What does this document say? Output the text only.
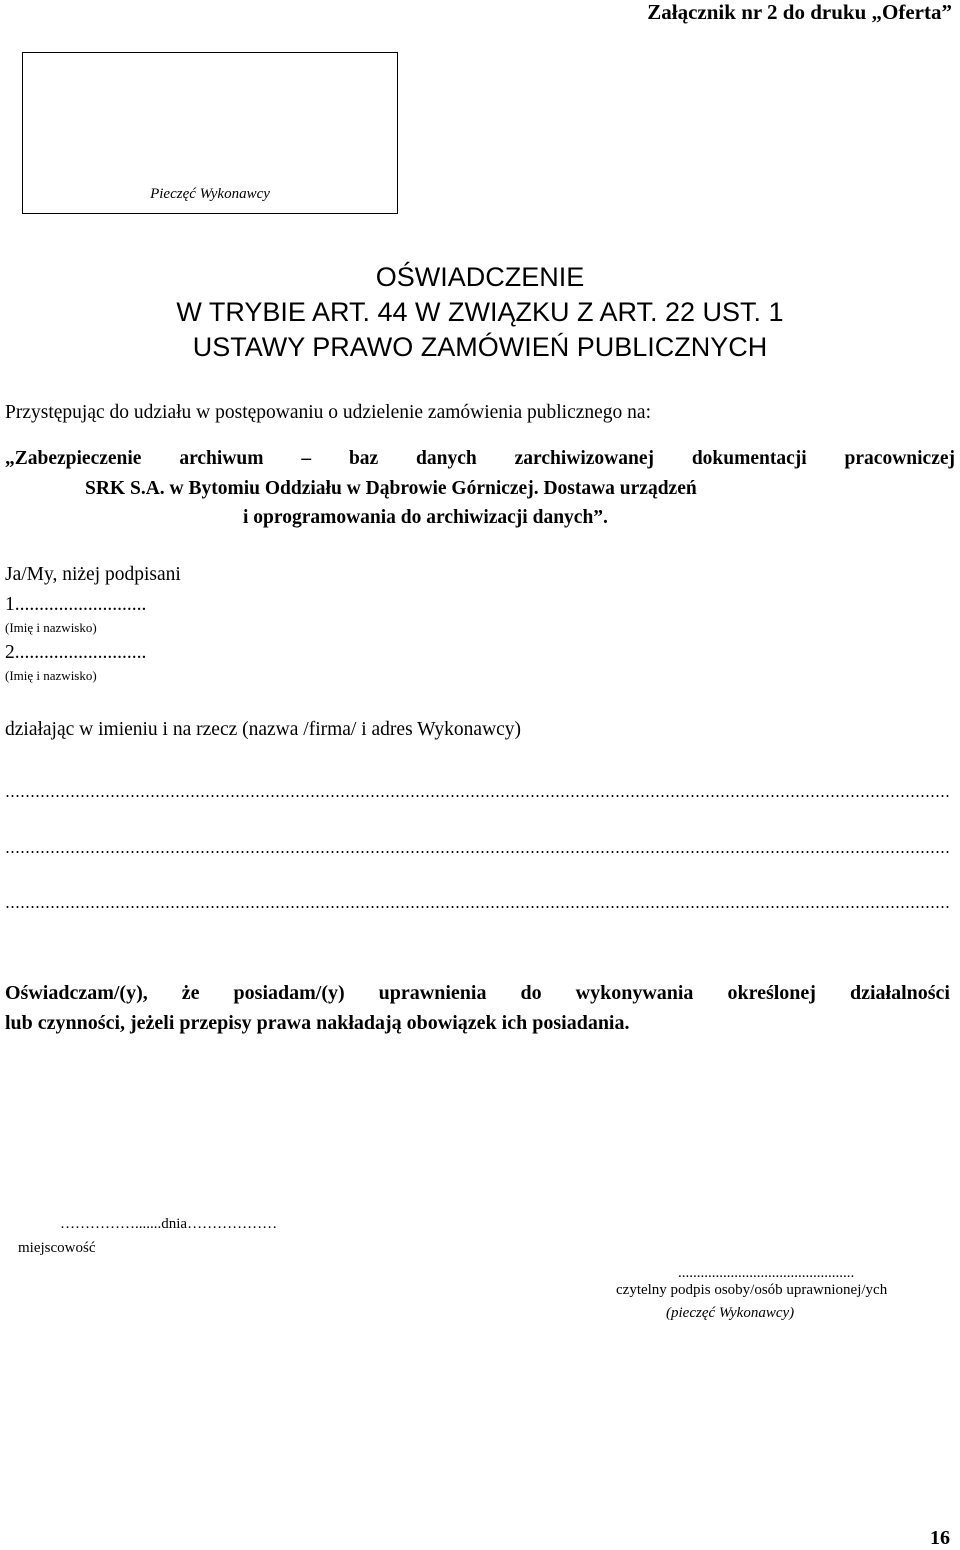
Załącznik nr 2 do druku „Oferta”
Pieczęć Wykonawcy
OŚWIADCZENIE
W TRYBIE ART. 44 W ZWIĄZKU Z ART. 22 UST. 1
USTAWY PRAWO ZAMÓWIEŃ PUBLICZNYCH
Przystępując do udziału w postępowaniu o udzielenie zamówienia publicznego na:
„Zabezpieczenie archiwum – baz danych zarchiwizowanej dokumentacji pracowniczej
SRK S.A. w Bytomiu Oddziału w Dąbrowie Górniczej. Dostawa urządzeń
i oprogramowania do archiwizacji danych”.
Ja/My, niżej podpisani
1...........................
(Imię i nazwisko)
2...........................
(Imię i nazwisko)
działając w imieniu i na rzecz (nazwa /firma/ i adres Wykonawcy)
Oświadczam/(y), że posiadam/(y) uprawnienia do wykonywania określonej działalności
lub czynności, jeżeli przepisy prawa nakładają obowiązek ich posiadania.
…………….......dnia………………
miejscowość
...............................................
czytelny podpis osoby/osób uprawnionej/ych
(pieczęć Wykonawcy)
16
